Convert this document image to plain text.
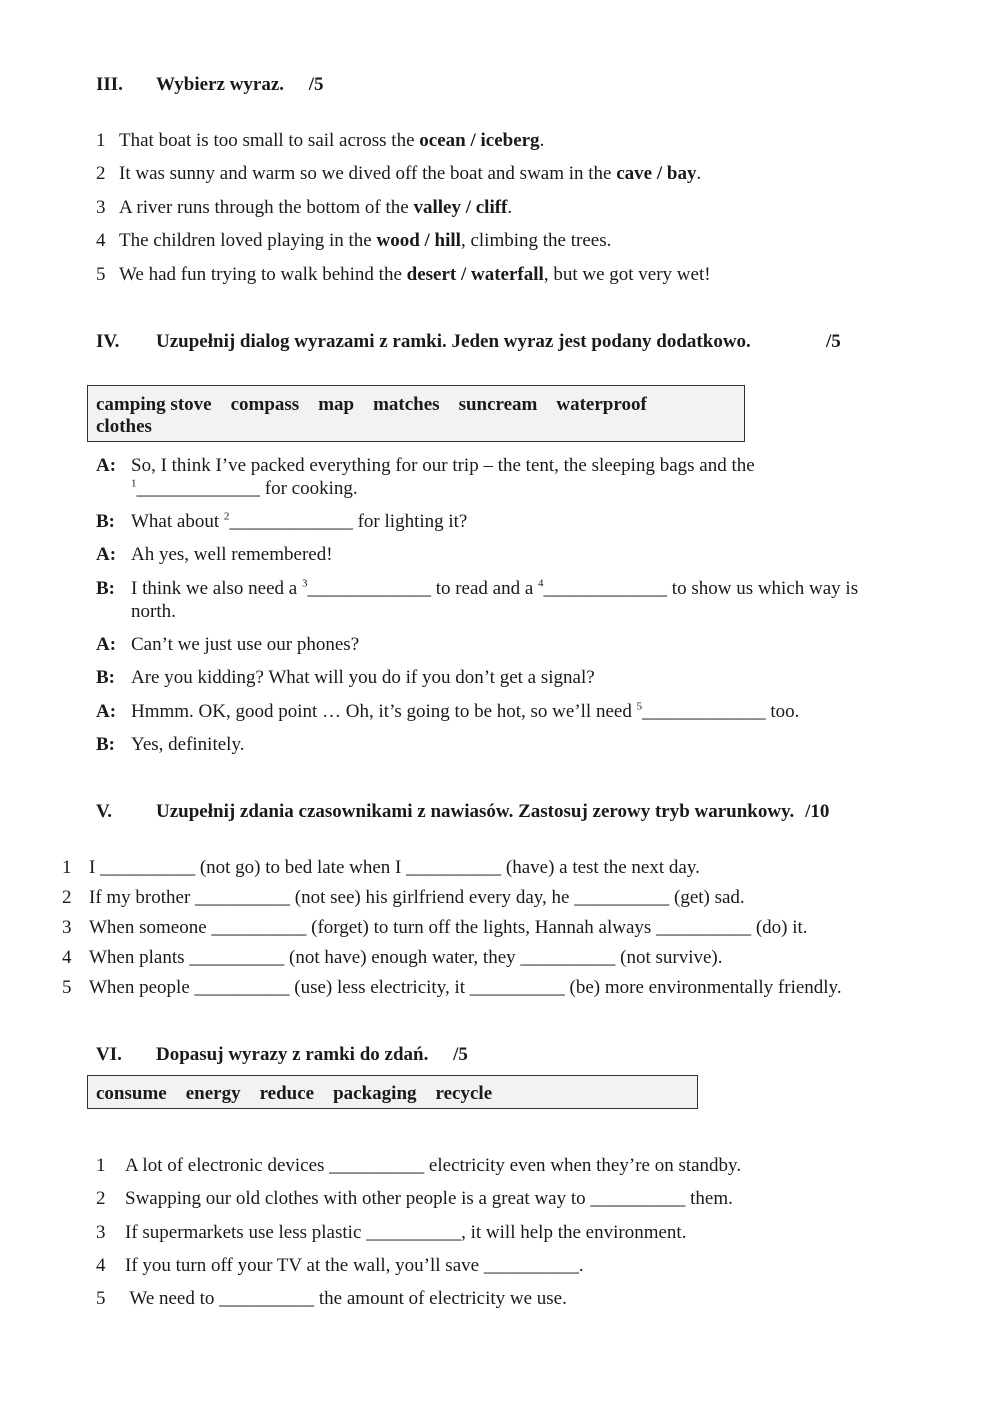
III. Wybierz wyraz. /5
1 That boat is too small to sail across the ocean / iceberg.
2 It was sunny and warm so we dived off the boat and swam in the cave / bay.
3 A river runs through the bottom of the valley / cliff.
4 The children loved playing in the wood / hill, climbing the trees.
5 We had fun trying to walk behind the desert / waterfall, but we got very wet!
IV. Uzupełnij dialog wyrazami z ramki. Jeden wyraz jest podany dodatkowo.	/5
camping stove    compass    map    matches    suncream    waterproof
clothes
A: So, I think I’ve packed everything for our trip – the tent, the sleeping bags and the
$^1$_____________ for cooking.
B: What about $^2$_____________ for lighting it?
A: Ah yes, well remembered!
B: I think we also need a $^3$_____________ to read and a $^4$_____________ to show us which way is
north.
A: Can’t we just use our phones?
B: Are you kidding? What will you do if you don’t get a signal?
A: Hmmm. OK, good point … Oh, it’s going to be hot, so we’ll need $^5$_____________ too.
B: Yes, definitely.
V. Uzupełnij zdania czasownikami z nawiasów. Zastosuj zerowy tryb warunkowy. /10
1 I __________ (not go) to bed late when I __________ (have) a test the next day.
2 If my brother __________ (not see) his girlfriend every day, he __________ (get) sad.
3 When someone __________ (forget) to turn off the lights, Hannah always __________ (do) it.
4 When plants __________ (not have) enough water, they __________ (not survive).
5 When people __________ (use) less electricity, it __________ (be) more environmentally friendly.
VI. Dopasuj wyrazy z ramki do zdań. /5
consume    energy    reduce    packaging    recycle
1 A lot of electronic devices __________ electricity even when they’re on standby.
2 Swapping our old clothes with other people is a great way to __________ them.
3 If supermarkets use less plastic __________, it will help the environment.
4 If you turn off your TV at the wall, you’ll save __________.
5 We need to __________ the amount of electricity we use.
